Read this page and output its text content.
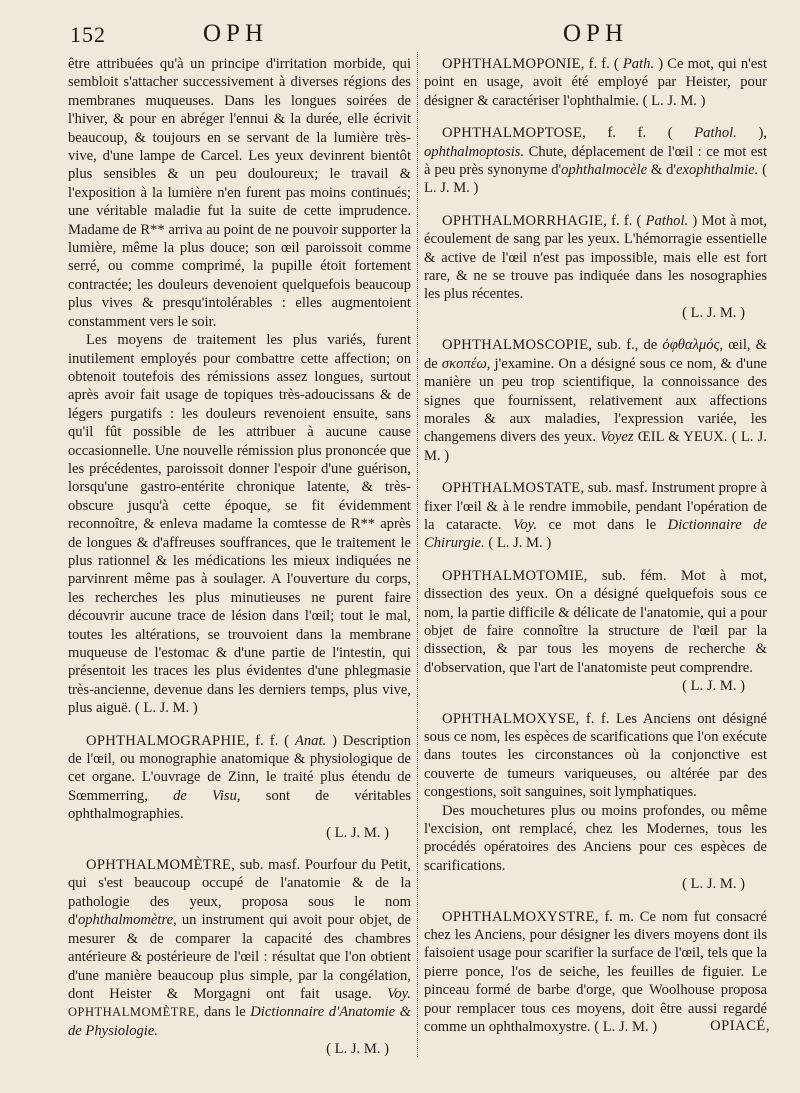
152	OPH	OPH

être attribuées qu'à un principe d'irritation morbide, qui sembloit s'attacher successivement à diverses régions des membranes muqueuses. Dans les longues soirées de l'hiver, & pour en abréger l'ennui & la durée, elle écrivit beaucoup, & toujours en se servant de la lumière très-vive, d'une lampe de Carcel. Les yeux devinrent bientôt plus sensibles & un peu douloureux; le travail & l'exposition à la lumière n'en furent pas moins continués; une véritable maladie fut la suite de cette imprudence. Madame de R** arriva au point de ne pouvoir supporter la lumière, même la plus douce; son œil paroissoit comme serré, ou comme comprimé, la pupille étoit fortement contractée; les douleurs devenoient quelquefois beaucoup plus vives & presqu'intolérables : elles augmentoient constamment vers le soir.

Les moyens de traitement les plus variés, furent inutilement employés pour combattre cette affection; on obtenoit toutefois des rémissions assez longues, surtout après avoir fait usage de topiques très-adoucissans & de légers purgatifs : les douleurs revenoient ensuite, sans qu'il fût possible de les attribuer à aucune cause occasionnelle. Une nouvelle rémission plus prononcée que les précédentes, paroissoit donner l'espoir d'une guérison, lorsqu'une gastro-entérite chronique latente, & très-obscure jusqu'à cette époque, se fit évidemment reconnoître, & enleva madame la comtesse de R** après de longues & d'affreuses souffrances, que le traitement le plus rationnel & les médications les mieux indiquées ne parvinrent même pas à soulager. A l'ouverture du corps, les recherches les plus minutieuses ne purent faire découvrir aucune trace de lésion dans l'œil; tout le mal, toutes les altérations, se trouvoient dans la membrane muqueuse de l'estomac & d'une partie de l'intestin, qui présentoit les traces les plus évidentes d'une phlegmasie très-ancienne, devenue dans les derniers temps, plus vive, plus aiguë. ( L. J. M. )

OPHTHALMOGRAPHIE, f. f. ( Anat. ) Description de l'œil, ou monographie anatomique & physiologique de cet organe. L'ouvrage de Zinn, le traité plus étendu de Sœmmerring, de Visu, sont de véritables ophthalmographies.

( L. J. M. )

OPHTHALMOMÈTRE, sub. masf. Pourfour du Petit, qui s'est beaucoup occupé de l'anatomie & de la pathologie des yeux, proposa sous le nom d'ophthalmomètre, un instrument qui avoit pour objet, de mesurer & de comparer la capacité des chambres antérieure & postérieure de l'œil : résultat que l'on obtient d'une manière beaucoup plus simple, par la congélation, dont Heister & Morgagni ont fait usage. Voy. OPHTHALMOMÈTRE, dans le Dictionnaire d'Anatomie & de Physiologie.

( L. J. M. )

OPHTHALMOPONIE, f. f. ( Path. ) Ce mot, qui n'est point en usage, avoit été employé par Heister, pour désigner & caractériser l'ophthalmie. ( L. J. M. )

OPHTHALMOPTOSE, f. f. ( Pathol. ), ophthalmoptosis. Chute, déplacement de l'œil : ce mot est à peu près synonyme d'ophthalmocèle & d'exophthalmie. ( L. J. M. )

OPHTHALMORRHAGIE, f. f. ( Pathol. ) Mot à mot, écoulement de sang par les yeux. L'hémorragie essentielle & active de l'œil n'est pas impossible, mais elle est fort rare, & ne se trouve pas indiquée dans les nosographies les plus récentes.

( L. J. M. )

OPHTHALMOSCOPIE, sub. f., de ὀφθαλμός, œil, & de σκοπέω, j'examine. On a désigné sous ce nom, & d'une manière un peu trop scientifique, la connoissance des signes que fournissent, relativement aux affections morales & aux maladies, l'expression variée, les changemens divers des yeux. Voyez ŒIL & YEUX. ( L. J. M. )

OPHTHALMOSTATE, sub. masf. Instrument propre à fixer l'œil & à le rendre immobile, pendant l'opération de la cataracte. Voy. ce mot dans le Dictionnaire de Chirurgie. ( L. J. M. )

OPHTHALMOTOMIE, sub. fém. Mot à mot, dissection des yeux. On a désigné quelquefois sous ce nom, la partie difficile & délicate de l'anatomie, qui a pour objet de faire connoître la structure de l'œil par la dissection, & par tous les moyens de recherche & d'observation, que l'art de l'anatomiste peut comprendre.

( L. J. M. )

OPHTHALMOXYSE, f. f. Les Anciens ont désigné sous ce nom, les espèces de scarifications que l'on exécute dans toutes les circonstances où la conjonctive est couverte de tumeurs variqueuses, ou altérée par des congestions, soit sanguines, soit lymphatiques.

Des mouchetures plus ou moins profondes, ou même l'excision, ont remplacé, chez les Modernes, tous les procédés opératoires des Anciens pour ces espèces de scarifications.

( L. J. M. )

OPHTHALMOXYSTRE, f. m. Ce nom fut consacré chez les Anciens, pour désigner les divers moyens dont ils faisoient usage pour scarifier la surface de l'œil, tels que la pierre ponce, l'os de seiche, les feuilles de figuier. Le pinceau formé de barbe d'orge, que Woolhouse proposa pour remplacer tous ces moyens, doit être aussi regardé comme un ophthalmoxystre. ( L. J. M. )	OPIACÉ,
